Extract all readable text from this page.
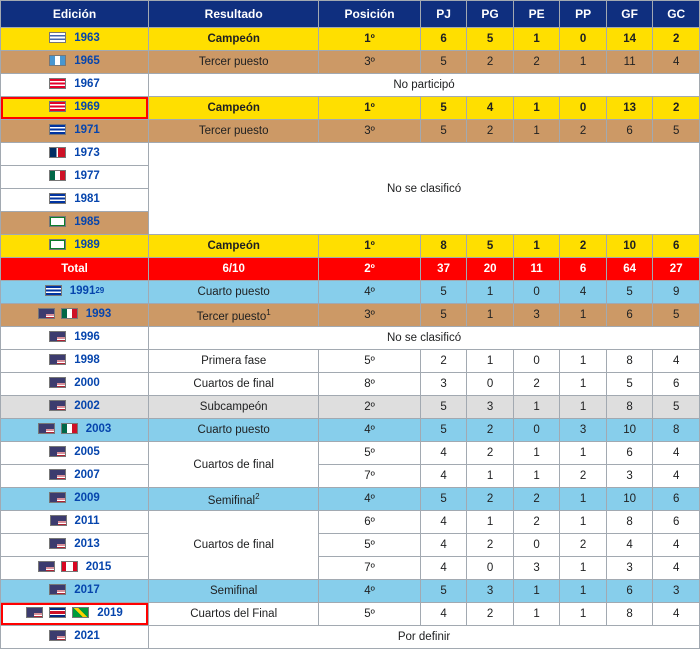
Edición	Resultado	Posición	PJ	PG	PE	PP	GF	GC

1963	Campeón	1º	6	5	1	0	14	2

1965	Tercer puesto	3º	5	2	2	1	11	4

1967	No participó							

1969	Campeón	1º	5	4	1	0	13	2

1971	Tercer puesto	3º	5	2	1	2	6	5

1973	No se clasificó							

1977								

1981								

1985								

1989	Campeón	1º	8	5	1	2	10	6

Total	6/10	2º	37	20	11	6	64	27

1991 29	Cuarto puesto	4º	5	1	0	4	5	9

1993	Tercer puesto$^1$	3º	5	1	3	1	6	5

1996	No se clasificó							

1998	Primera fase	5º	2	1	0	1	8	4

2000	Cuartos de final	8º	3	0	2	1	5	6

2002	Subcampeón	2º	5	3	1	1	8	5

2003	Cuarto puesto	4º	5	2	0	3	10	8

2005	Cuartos de final	5º	4	2	1	1	6	4

2007		7º	4	1	1	2	3	4

2009	Semifinal$^2$	4º	5	2	2	1	10	6

2011	Cuartos de final	6º	4	1	2	1	8	6

2013		5º	4	2	0	2	4	4

2015		7º	4	0	3	1	3	4

2017	Semifinal	4º	5	3	1	1	6	3

2019	Cuartos del Final	5º	4	2	1	1	8	4

2021	Por definir							
